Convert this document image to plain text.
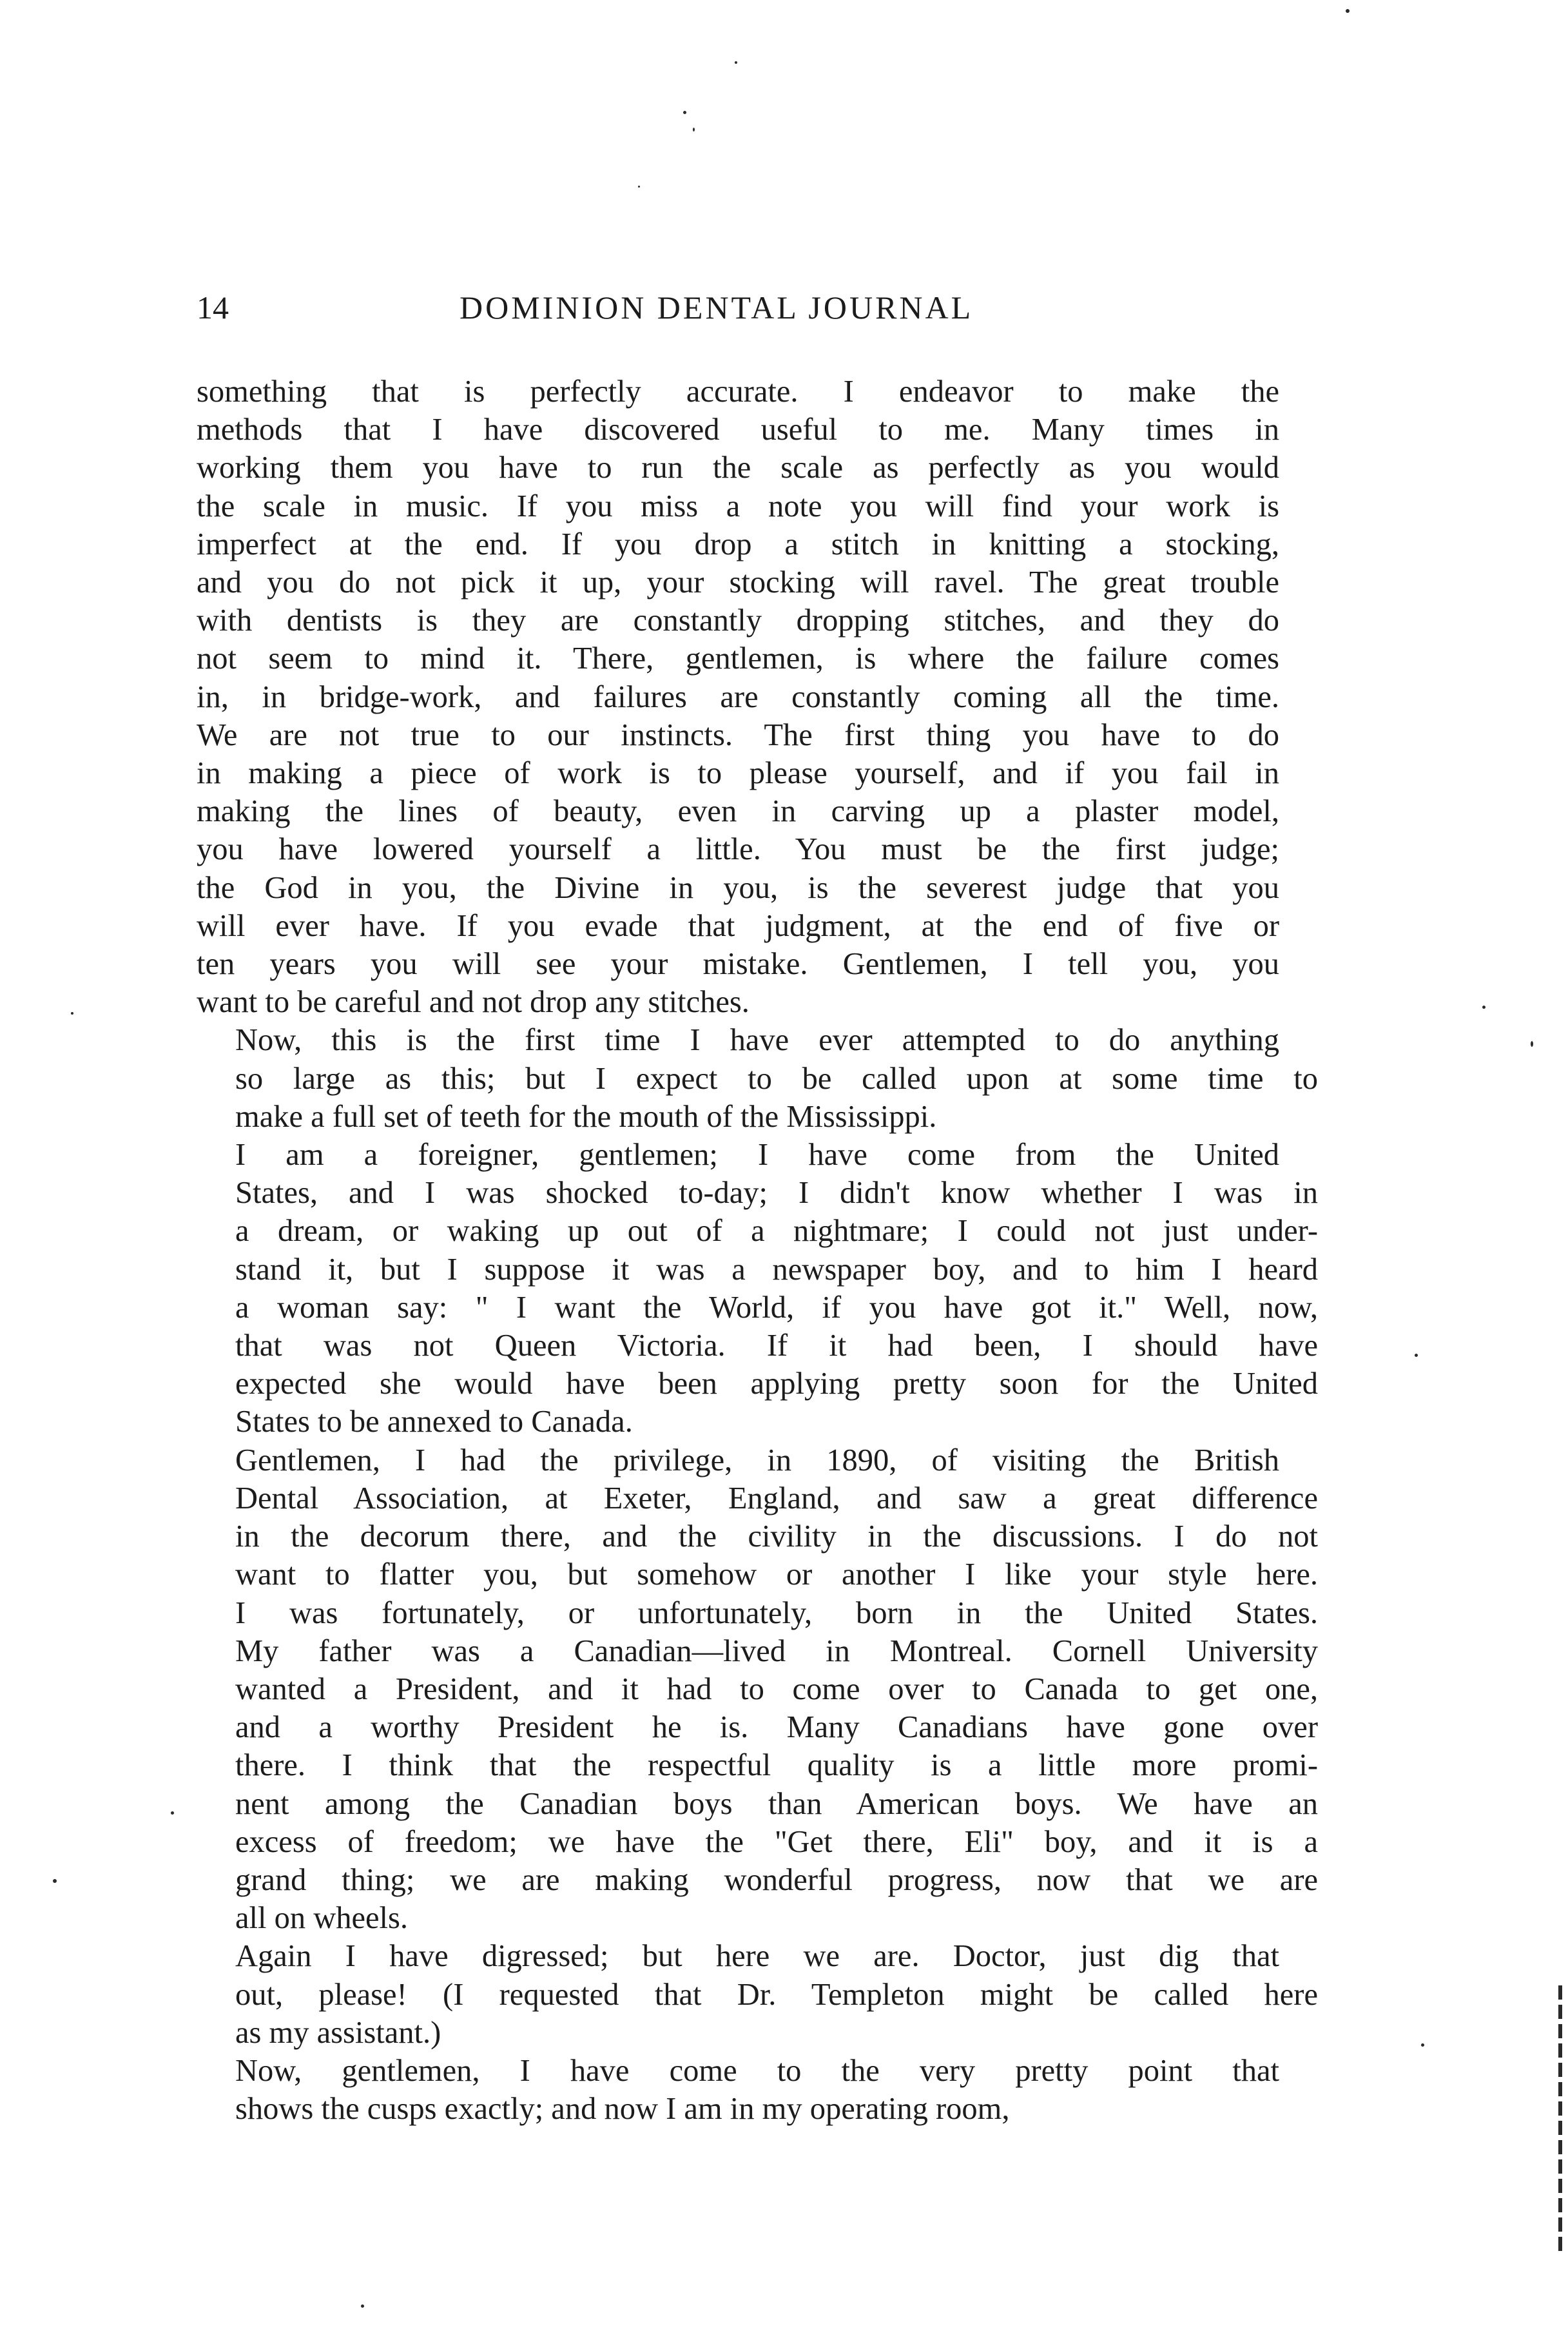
14	DOMINION DENTAL JOURNAL

something that is perfectly accurate. I endeavor to make the
methods that I have discovered useful to me. Many times in
working them you have to run the scale as perfectly as you would
the scale in music. If you miss a note you will find your work is
imperfect at the end. If you drop a stitch in knitting a stocking,
and you do not pick it up, your stocking will ravel. The great trouble
with dentists is they are constantly dropping stitches, and they do
not seem to mind it. There, gentlemen, is where the failure comes
in, in bridge-work, and failures are constantly coming all the time.
We are not true to our instincts. The first thing you have to do
in making a piece of work is to please yourself, and if you fail in
making the lines of beauty, even in carving up a plaster model,
you have lowered yourself a little. You must be the first judge;
the God in you, the Divine in you, is the severest judge that you
will ever have. If you evade that judgment, at the end of five or
ten years you will see your mistake. Gentlemen, I tell you, you
want to be careful and not drop any stitches.

Now, this is the first time I have ever attempted to do anything
so large as this; but I expect to be called upon at some time to
make a full set of teeth for the mouth of the Mississippi.

I am a foreigner, gentlemen; I have come from the United
States, and I was shocked to-day; I didn't know whether I was in
a dream, or waking up out of a nightmare; I could not just under-
stand it, but I suppose it was a newspaper boy, and to him I heard
a woman say: " I want the World, if you have got it." Well, now,
that was not Queen Victoria. If it had been, I should have
expected she would have been applying pretty soon for the United
States to be annexed to Canada.

Gentlemen, I had the privilege, in 1890, of visiting the British
Dental Association, at Exeter, England, and saw a great difference
in the decorum there, and the civility in the discussions. I do not
want to flatter you, but somehow or another I like your style here.
I was fortunately, or unfortunately, born in the United States.
My father was a Canadian—lived in Montreal. Cornell University
wanted a President, and it had to come over to Canada to get one,
and a worthy President he is. Many Canadians have gone over
there. I think that the respectful quality is a little more promi-
nent among the Canadian boys than American boys. We have an
excess of freedom; we have the "Get there, Eli" boy, and it is a
grand thing; we are making wonderful progress, now that we are
all on wheels.

Again I have digressed; but here we are. Doctor, just dig that
out, please! (I requested that Dr. Templeton might be called here
as my assistant.)

Now, gentlemen, I have come to the very pretty point that
shows the cusps exactly; and now I am in my operating room,
